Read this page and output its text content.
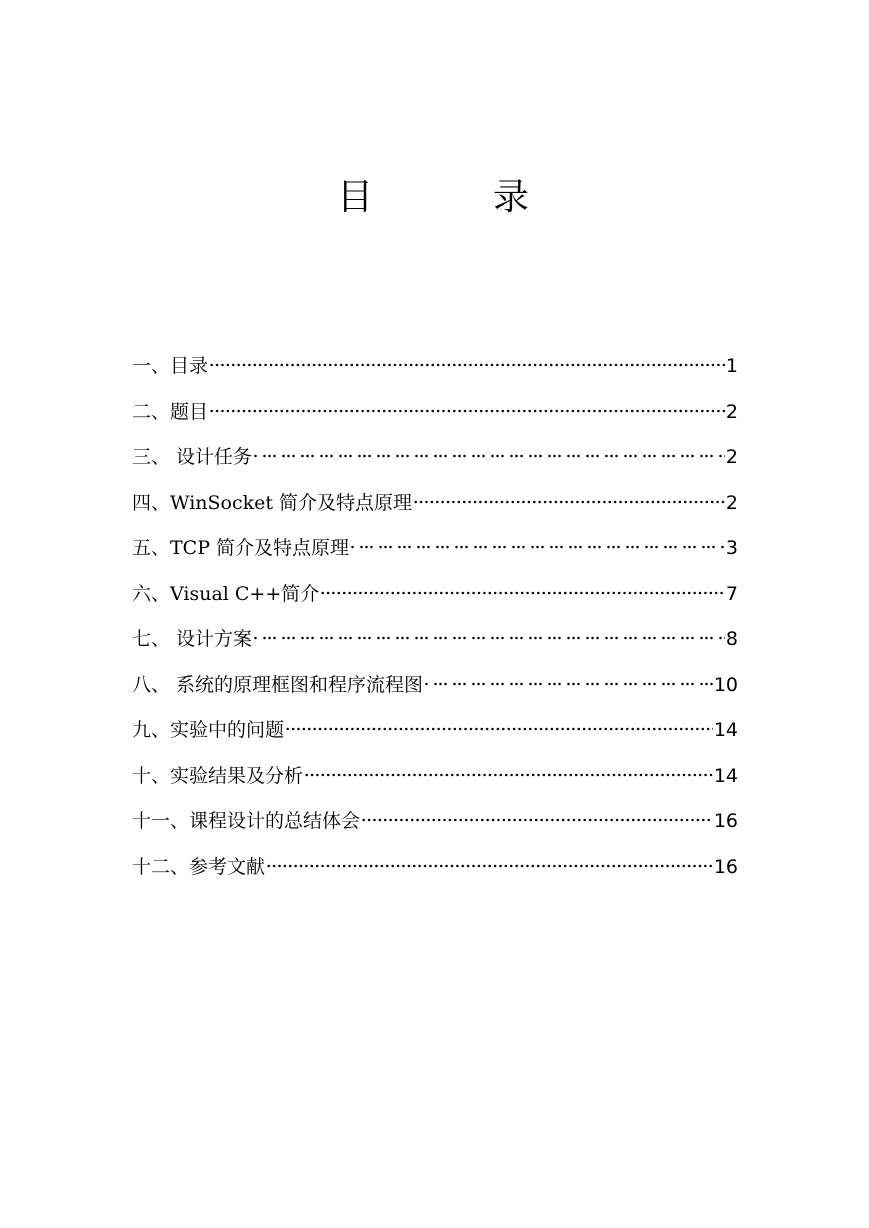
目	录
一、目录	1
二、题目	2
三、 设计任务	2
四、WinSocket 简介及特点原理	2
五、TCP 简介及特点原理	3
六、Visual C++简介	7
七、 设计方案	8
八、 系统的原理框图和程序流程图	10
九、实验中的问题	14
十、实验结果及分析	14
十一、课程设计的总结体会	16
十二、参考文献	16
